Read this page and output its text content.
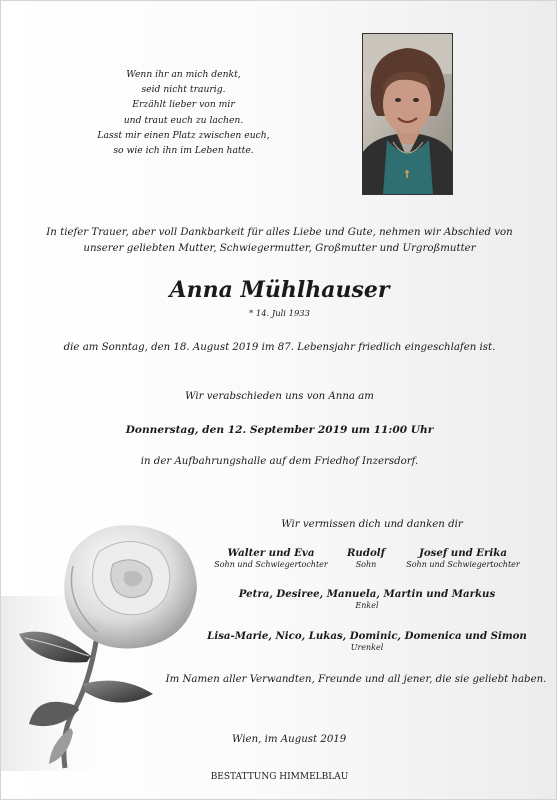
Wenn ihr an mich denkt,
seid nicht traurig.
Erzählt lieber von mir
und traut euch zu lachen.
Lasst mir einen Platz zwischen euch,
so wie ich ihn im Leben hatte.
In tiefer Trauer, aber voll Dankbarkeit für alles Liebe und Gute, nehmen wir Abschied von
unserer geliebten Mutter, Schwiegermutter, Großmutter und Urgroßmutter
Anna Mühlhauser
* 14. Juli 1933
die am Sonntag, den 18. August 2019 im 87. Lebensjahr friedlich eingeschlafen ist.
Wir verabschieden uns von Anna am
Donnerstag, den 12. September 2019 um 11:00 Uhr
in der Aufbahrungshalle auf dem Friedhof Inzersdorf.
Wir vermissen dich und danken dir
Walter und Eva
Sohn und Schwiegertochter
Rudolf
Sohn
Josef und Erika
Sohn und Schwiegertochter
Petra, Desiree, Manuela, Martin und Markus
Enkel
Lisa-Marie, Nico, Lukas, Dominic, Domenica und Simon
Urenkel
Im Namen aller Verwandten, Freunde und all jener, die sie geliebt haben.
Wien, im August 2019
BESTATTUNG HIMMELBLAU
